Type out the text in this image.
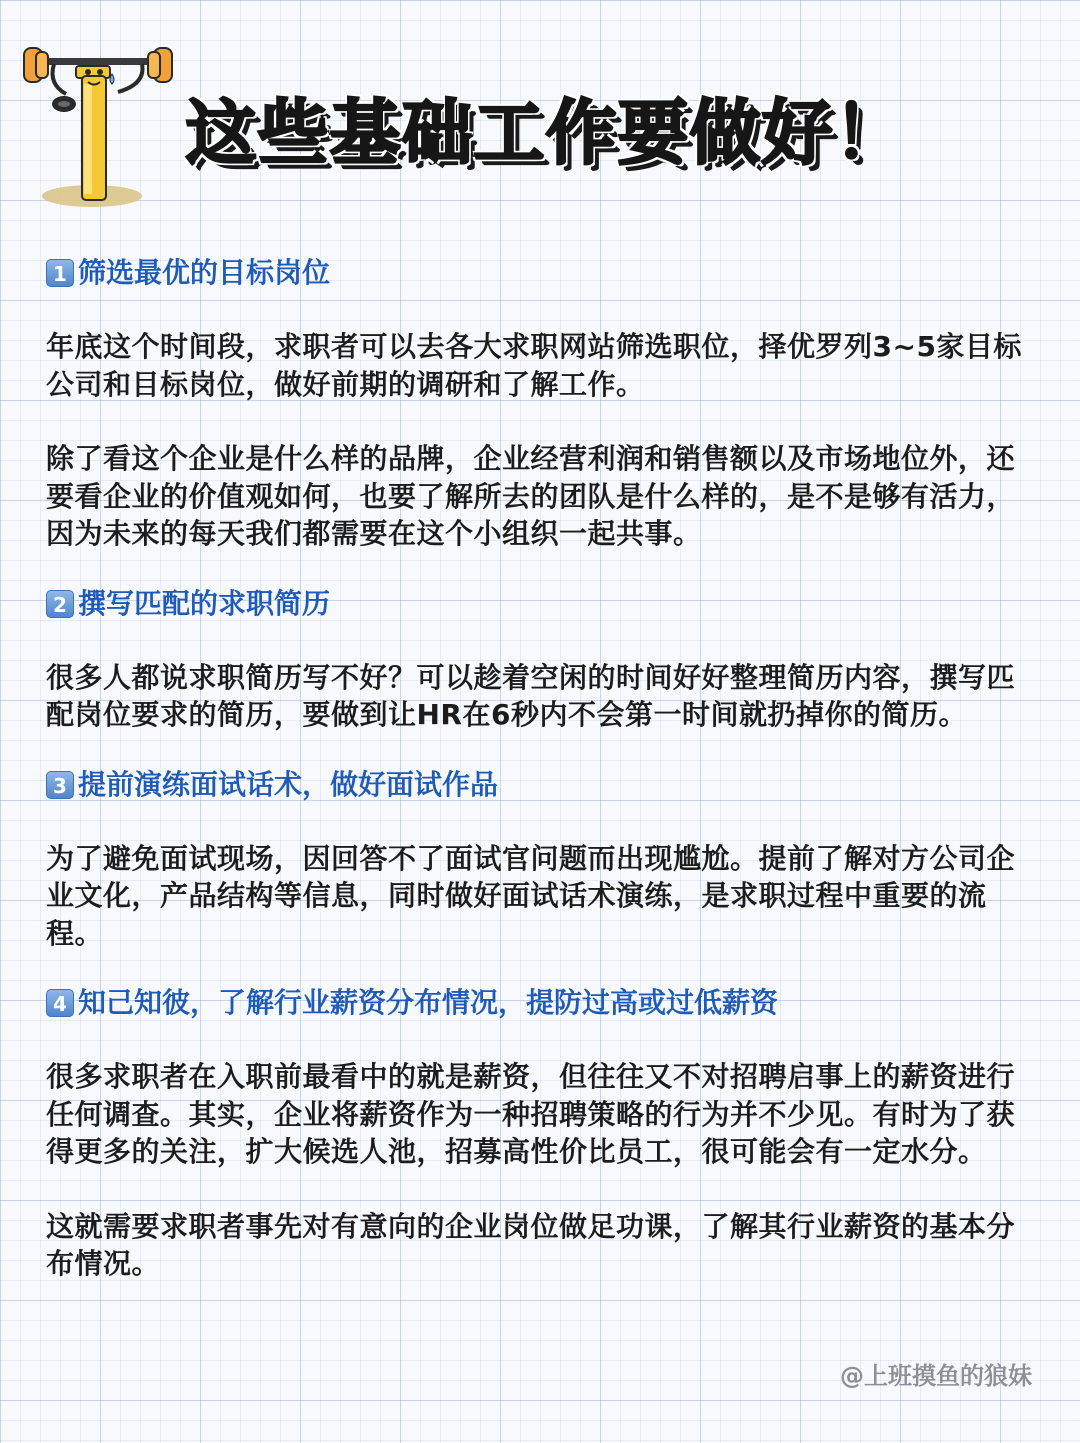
这些基础工作要做好！
1 筛选最优的目标岗位

年底这个时间段，求职者可以去各大求职网站筛选职位，择优罗列3~5家目标公司和目标岗位，做好前期的调研和了解工作。

除了看这个企业是什么样的品牌，企业经营利润和销售额以及市场地位外，还要看企业的价值观如何，也要了解所去的团队是什么样的，是不是够有活力，因为未来的每天我们都需要在这个小组织一起共事。

2 撰写匹配的求职简历

很多人都说求职简历写不好？可以趁着空闲的时间好好整理简历内容，撰写匹配岗位要求的简历，要做到让HR在6秒内不会第一时间就扔掉你的简历。

3 提前演练面试话术，做好面试作品

为了避免面试现场，因回答不了面试官问题而出现尴尬。提前了解对方公司企业文化，产品结构等信息，同时做好面试话术演练，是求职过程中重要的流程。

4 知己知彼，了解行业薪资分布情况，提防过高或过低薪资

很多求职者在入职前最看中的就是薪资，但往往又不对招聘启事上的薪资进行任何调查。其实，企业将薪资作为一种招聘策略的行为并不少见。有时为了获得更多的关注，扩大候选人池，招募高性价比员工，很可能会有一定水分。

这就需要求职者事先对有意向的企业岗位做足功课，了解其行业薪资的基本分布情况。

@上班摸鱼的狼妹
